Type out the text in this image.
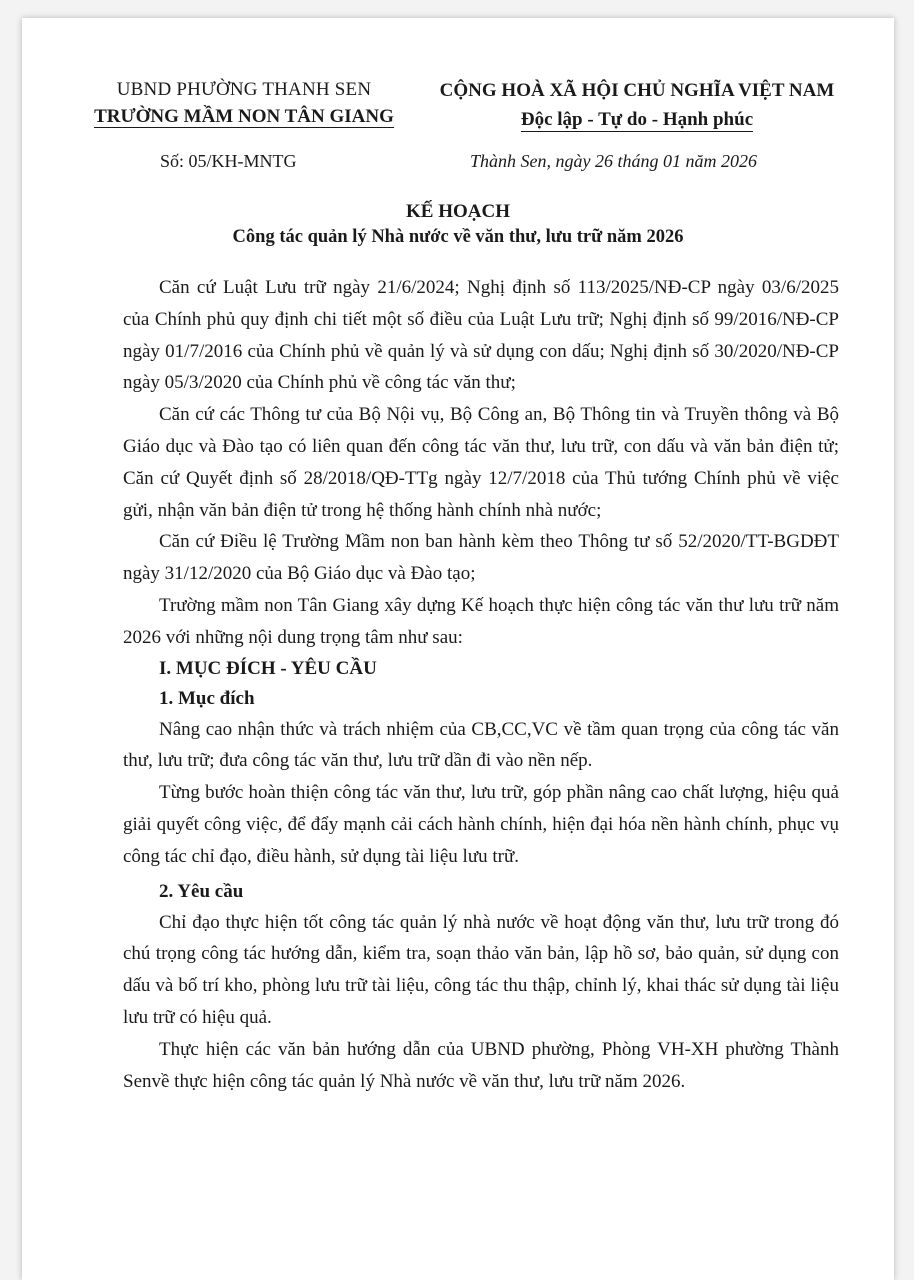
UBND PHƯỜNG THANH SEN
TRƯỜNG MẦM NON TÂN GIANG
CỘNG HOÀ XÃ HỘI CHỦ NGHĨA VIỆT NAM
Độc lập - Tự do - Hạnh phúc
Số: 05/KH-MNTG	Thành Sen, ngày 26 tháng 01 năm 2026
KẾ HOẠCH
Công tác quản lý Nhà nước về văn thư, lưu trữ năm 2026

Căn cứ Luật Lưu trữ ngày 21/6/2024; Nghị định số 113/2025/NĐ-CP ngày 03/6/2025 của Chính phủ quy định chi tiết một số điều của Luật Lưu trữ; Nghị định số 99/2016/NĐ-CP ngày 01/7/2016 của Chính phủ về quản lý và sử dụng con dấu; Nghị định số 30/2020/NĐ-CP ngày 05/3/2020 của Chính phủ về công tác văn thư;

Căn cứ các Thông tư của Bộ Nội vụ, Bộ Công an, Bộ Thông tin và Truyền thông và Bộ Giáo dục và Đào tạo có liên quan đến công tác văn thư, lưu trữ, con dấu và văn bản điện tử; Căn cứ Quyết định số 28/2018/QĐ-TTg ngày 12/7/2018 của Thủ tướng Chính phủ về việc gửi, nhận văn bản điện tử trong hệ thống hành chính nhà nước;

Căn cứ Điều lệ Trường Mầm non ban hành kèm theo Thông tư số 52/2020/TT-BGDĐT ngày 31/12/2020 của Bộ Giáo dục và Đào tạo;

Trường mầm non Tân Giang xây dựng Kế hoạch thực hiện công tác văn thư lưu trữ năm 2026 với những nội dung trọng tâm như sau:

I. MỤC ĐÍCH - YÊU CẦU
1. Mục đích

Nâng cao nhận thức và trách nhiệm của CB,CC,VC về tầm quan trọng của công tác văn thư, lưu trữ; đưa công tác văn thư, lưu trữ dần đi vào nền nếp.

Từng bước hoàn thiện công tác văn thư, lưu trữ, góp phần nâng cao chất lượng, hiệu quả giải quyết công việc, để đẩy mạnh cải cách hành chính, hiện đại hóa nền hành chính, phục vụ công tác chỉ đạo, điều hành, sử dụng tài liệu lưu trữ.

2. Yêu cầu

Chỉ đạo thực hiện tốt công tác quản lý nhà nước về hoạt động văn thư, lưu trữ trong đó chú trọng công tác hướng dẫn, kiểm tra, soạn thảo văn bản, lập hồ sơ, bảo quản, sử dụng con dấu và bố trí kho, phòng lưu trữ tài liệu, công tác thu thập, chỉnh lý, khai thác sử dụng tài liệu lưu trữ có hiệu quả.

Thực hiện các văn bản hướng dẫn của UBND phường, Phòng VH-XH phường Thành Senvề thực hiện công tác quản lý Nhà nước về văn thư, lưu trữ năm 2026.
